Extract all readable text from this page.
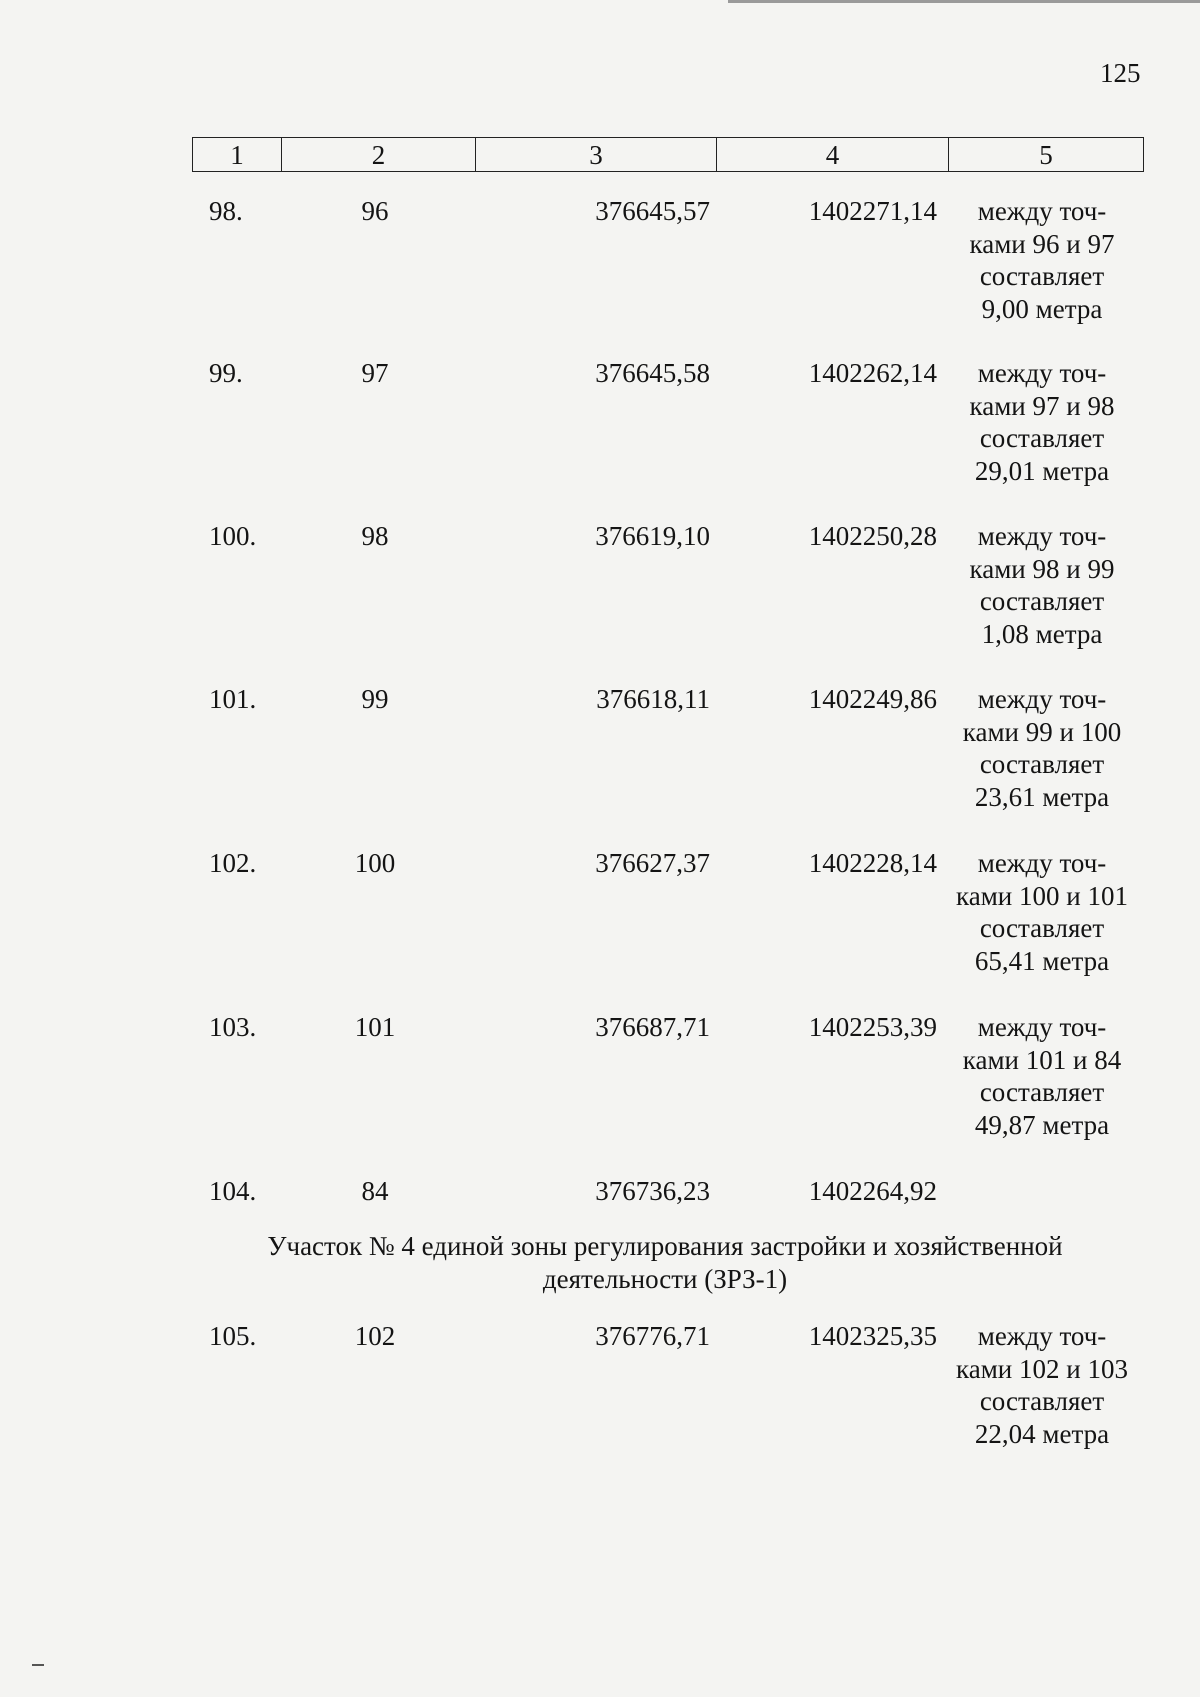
125
1	2	3	4	5
98.	96	376645,57	1402271,14	между точ-
ками 96 и 97
составляет
9,00 метра
99.	97	376645,58	1402262,14	между точ-
ками 97 и 98
составляет
29,01 метра
100.	98	376619,10	1402250,28	между точ-
ками 98 и 99
составляет
1,08 метра
101.	99	376618,11	1402249,86	между точ-
ками 99 и 100
составляет
23,61 метра
102.	100	376627,37	1402228,14	между точ-
ками 100 и 101
составляет
65,41 метра
103.	101	376687,71	1402253,39	между точ-
ками 101 и 84
составляет
49,87 метра
104.	84	376736,23	1402264,92
Участок № 4 единой зоны регулирования застройки и хозяйственной
деятельности (ЗРЗ-1)
105.	102	376776,71	1402325,35	между точ-
ками 102 и 103
составляет
22,04 метра
